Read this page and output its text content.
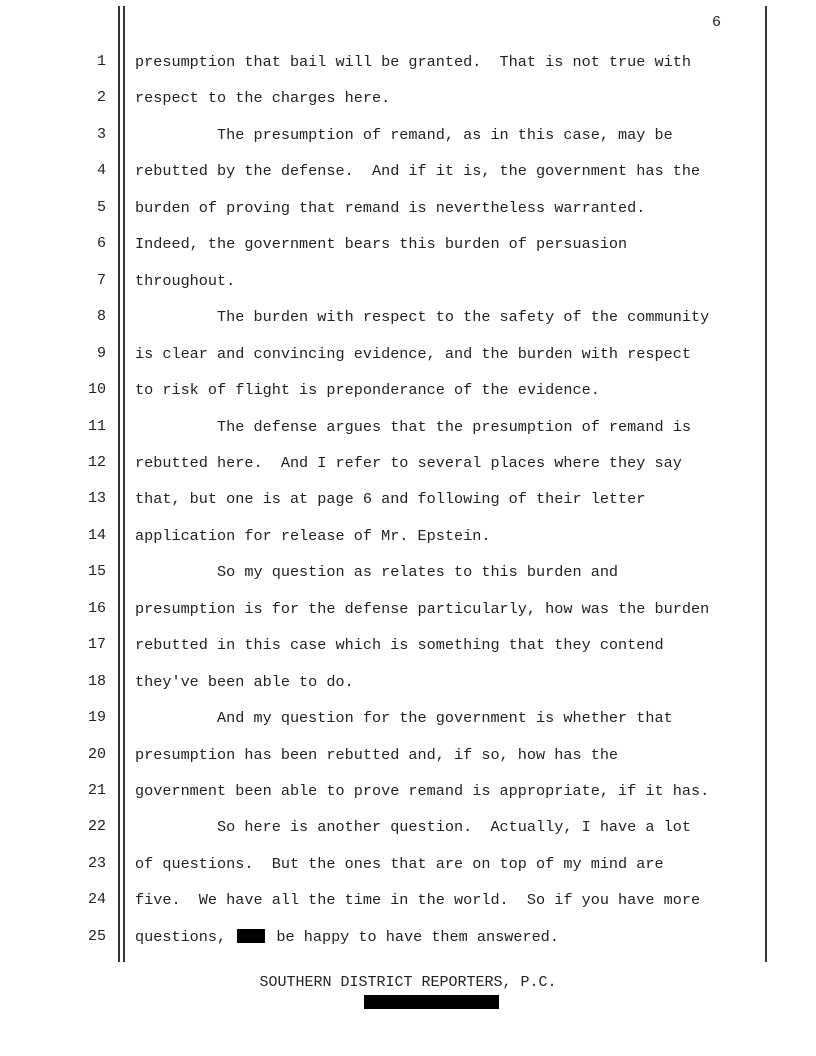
6
1
2
3
4
5
6
7
8
9
10
11
12
13
14
15
16
17
18
19
20
21
22
23
24
25
presumption that bail will be granted.  That is not true with
respect to the charges here.
The presumption of remand, as in this case, may be
rebutted by the defense.  And if it is, the government has the
burden of proving that remand is nevertheless warranted.
Indeed, the government bears this burden of persuasion
throughout.
The burden with respect to the safety of the community
is clear and convincing evidence, and the burden with respect
to risk of flight is preponderance of the evidence.
The defense argues that the presumption of remand is
rebutted here.  And I refer to several places where they say
that, but one is at page 6 and following of their letter
application for release of Mr. Epstein.
So my question as relates to this burden and
presumption is for the defense particularly, how was the burden
rebutted in this case which is something that they contend
they've been able to do.
And my question for the government is whether that
presumption has been rebutted and, if so, how has the
government been able to prove remand is appropriate, if it has.
So here is another question.  Actually, I have a lot
of questions.  But the ones that are on top of my mind are
five.  We have all the time in the world.  So if you have more
questions,  be happy to have them answered.
SOUTHERN DISTRICT REPORTERS, P.C.
